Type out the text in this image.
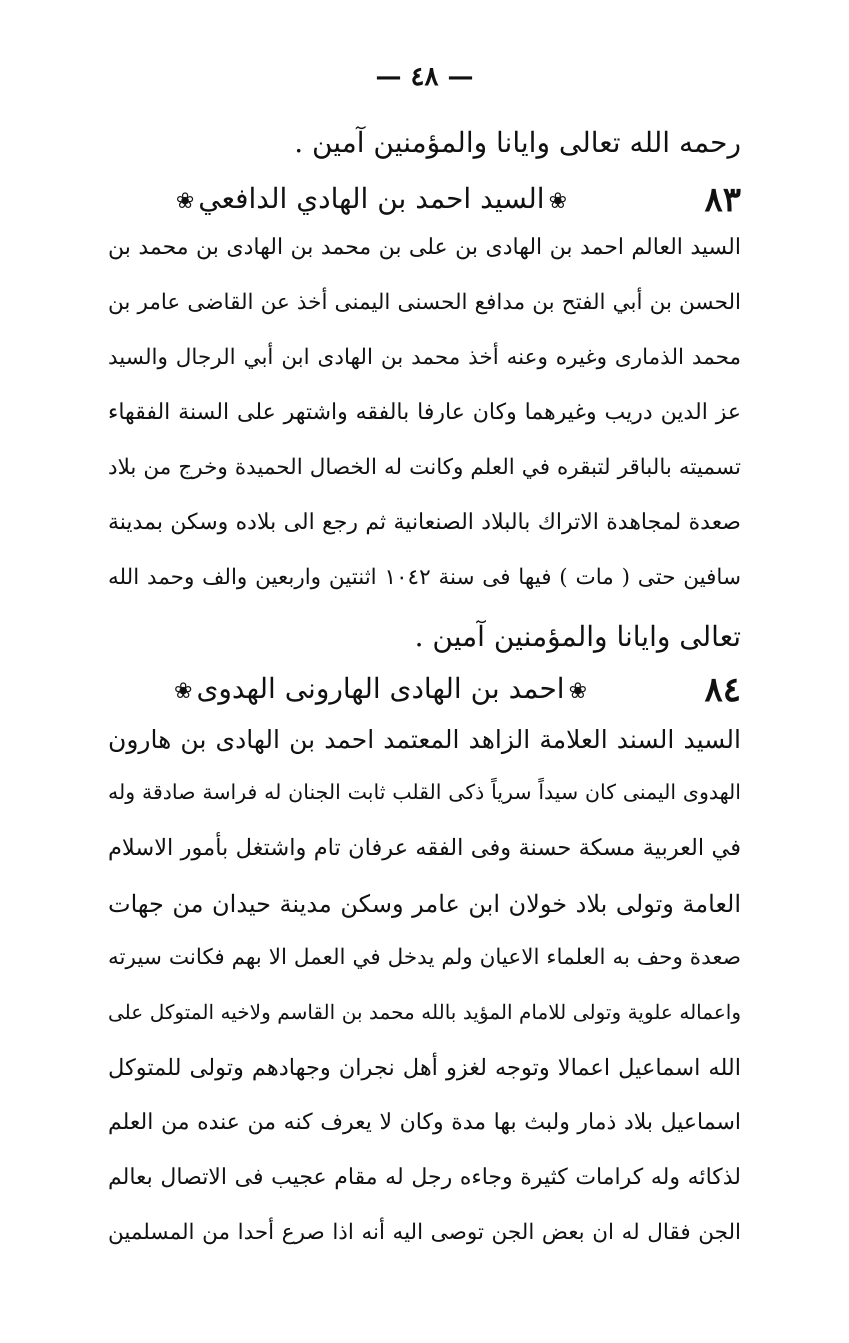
— ٤٨ —
رحمه الله تعالى وايانا والمؤمنين آمين .
٨٣
❀السيد احمد بن الهادي الدافعي❀
السيد العالم احمد بن الهادى بن على بن محمد بن الهادى بن محمد بن
الحسن بن أبي الفتح بن مدافع الحسنى اليمنى أخذ عن القاضى عامر بن
محمد الذمارى وغيره وعنه أخذ محمد بن الهادى ابن أبي الرجال والسيد
عز الدين دريب وغيرهما وكان عارفا بالفقه واشتهر على السنة الفقهاء
تسميته بالباقر لتبقره في العلم وكانت له الخصال الحميدة وخرج من بلاد
صعدة لمجاهدة الاتراك بالبلاد الصنعانية ثم رجع الى بلاده وسكن بمدينة
سافين حتى ( مات ) فيها فى سنة ١٠٤٢ اثنتين واربعين والف وحمد الله
تعالى وايانا والمؤمنين آمين .
٨٤
❀احمد بن الهادى الهارونى الهدوى❀
السيد السند العلامة الزاهد المعتمد احمد بن الهادى بن هارون
الهدوى اليمنى كان سيداً سرياً ذكى القلب ثابت الجنان له فراسة صادقة وله
في العربية مسكة حسنة وفى الفقه عرفان تام واشتغل بأمور الاسلام
العامة وتولى بلاد خولان ابن عامر وسكن مدينة حيدان من جهات
صعدة وحف به العلماء الاعيان ولم يدخل في العمل الا بهم فكانت سيرته
واعماله علوية وتولى للامام المؤيد بالله محمد بن القاسم ولاخيه المتوكل على
الله اسماعيل اعمالا وتوجه لغزو أهل نجران وجهادهم وتولى للمتوكل
اسماعيل بلاد ذمار ولبث بها مدة وكان لا يعرف كنه من عنده من العلم
لذكائه وله كرامات كثيرة وجاءه رجل له مقام عجيب فى الاتصال بعالم
الجن فقال له ان بعض الجن توصى اليه أنه اذا صرع أحدا من المسلمين
